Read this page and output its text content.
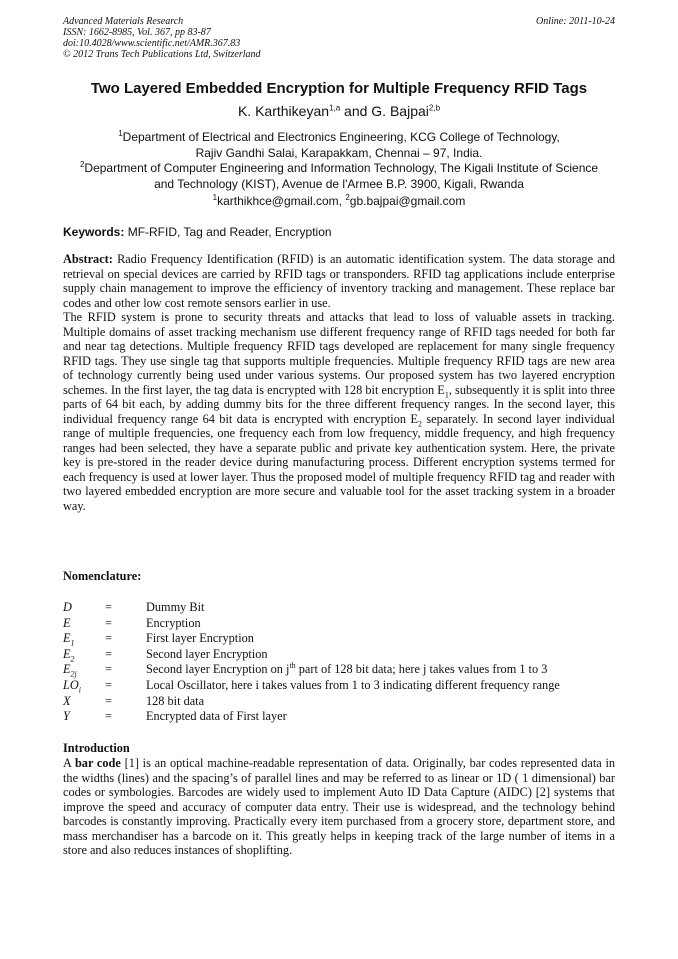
Advanced Materials Research
ISSN: 1662-8985, Vol. 367, pp 83-87
doi:10.4028/www.scientific.net/AMR.367.83
© 2012 Trans Tech Publications Ltd, Switzerland
Online: 2011-10-24
Two Layered Embedded Encryption for Multiple Frequency RFID Tags
K. Karthikeyan$^{1,a}$ and G. Bajpai$^{2,b}$
$^1$Department of Electrical and Electronics Engineering, KCG College of Technology,
Rajiv Gandhi Salai, Karapakkam, Chennai – 97, India.
$^2$Department of Computer Engineering and Information Technology, The Kigali Institute of Science
and Technology (KIST), Avenue de l'Armee B.P. 3900, Kigali, Rwanda
$^1$karthikhce@gmail.com, $^2$gb.bajpai@gmail.com
Keywords: MF-RFID, Tag and Reader, Encryption
Abstract: Radio Frequency Identification (RFID) is an automatic identification system. The data storage and retrieval on special devices are carried by RFID tags or transponders. RFID tag applications include enterprise supply chain management to improve the efficiency of inventory tracking and management. These replace bar codes and other low cost remote sensors earlier in use.
The RFID system is prone to security threats and attacks that lead to loss of valuable assets in tracking. Multiple domains of asset tracking mechanism use different frequency range of RFID tags needed for both far and near tag detections. Multiple frequency RFID tags developed are replacement for many single frequency RFID tags. They use single tag that supports multiple frequencies. Multiple frequency RFID tags are new area of technology currently being used under various systems. Our proposed system has two layered encryption schemes. In the first layer, the tag data is encrypted with 128 bit encryption $E_1$, subsequently it is split into three parts of 64 bit each, by adding dummy bits for the three different frequency ranges. In the second layer, this individual frequency range 64 bit data is encrypted with encryption $E_2$ separately. In second layer individual range of multiple frequencies, one frequency each from low frequency, middle frequency, and high frequency ranges had been selected, they have a separate public and private key authentication system. Here, the private key is pre-stored in the reader device during manufacturing process. Different encryption systems termed for each frequency is used at lower layer. Thus the proposed model of multiple frequency RFID tag and reader with two layered embedded encryption are more secure and valuable tool for the asset tracking system in a broader way.
Nomenclature:
D	=	Dummy Bit
E	=	Encryption
$E_1$ =	First layer Encryption
$E_2$ =	Second layer Encryption
$E_{2j}$ =	Second layer Encryption on $j^{th}$ part of 128 bit data; here j takes values from 1 to 3
$LO_i$ =	Local Oscillator, here i takes values from 1 to 3 indicating different frequency range
X	=	128 bit data
Y	=	Encrypted data of First layer
Introduction
A bar code [1] is an optical machine-readable representation of data. Originally, bar codes represented data in the widths (lines) and the spacing’s of parallel lines and may be referred to as linear or 1D ( 1 dimensional) bar codes or symbologies. Barcodes are widely used to implement Auto ID Data Capture (AIDC) [2] systems that improve the speed and accuracy of computer data entry. Their use is widespread, and the technology behind barcodes is constantly improving. Practically every item purchased from a grocery store, department store, and mass merchandiser has a barcode on it. This greatly helps in keeping track of the large number of items in a store and also reduces instances of shoplifting.
